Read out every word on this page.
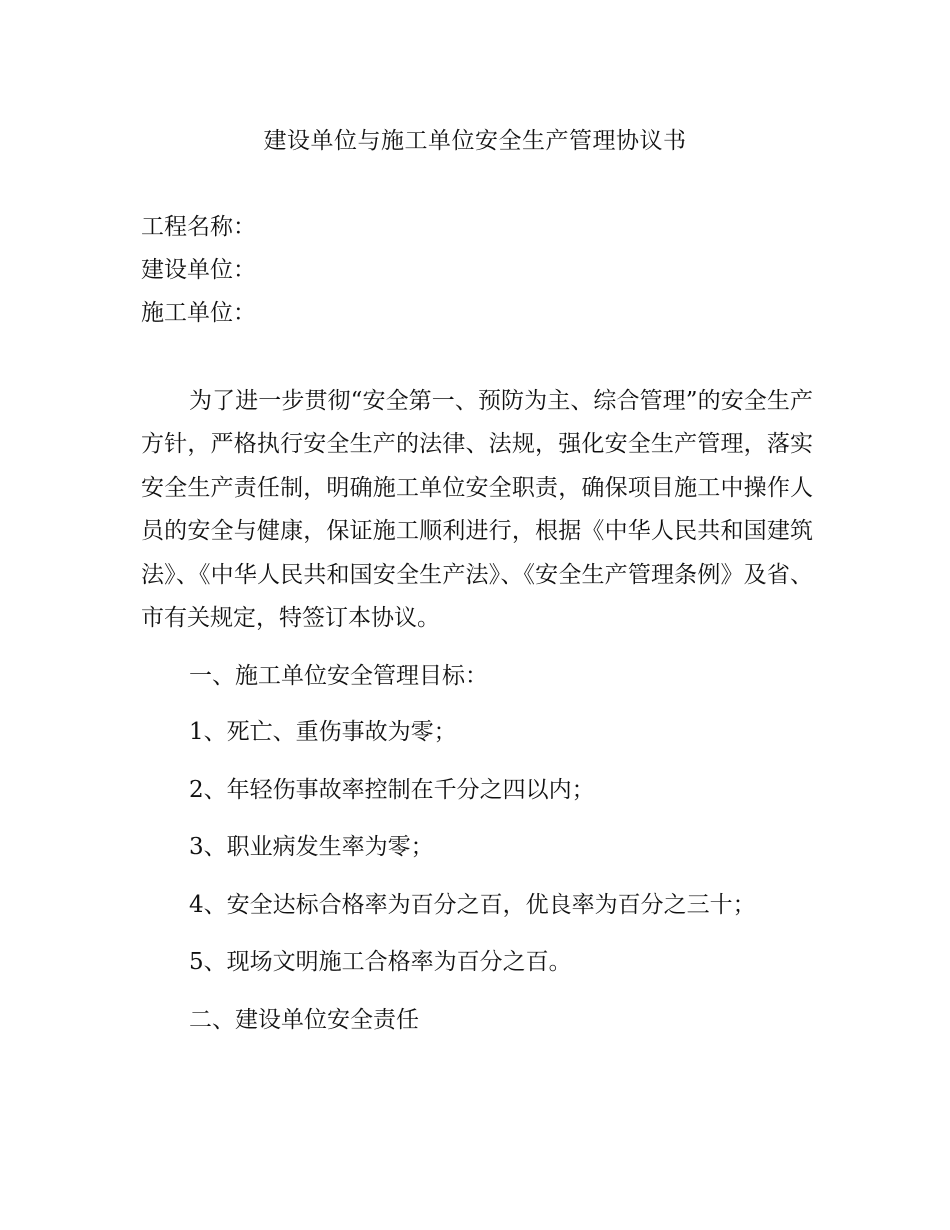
建设单位与施工单位安全生产管理协议书
工程名称：
建设单位：
施工单位：

为了进一步贯彻“安全第一、预防为主、综合管理”的安全生产方针，严格执行安全生产的法律、法规，强化安全生产管理，落实安全生产责任制，明确施工单位安全职责，确保项目施工中操作人员的安全与健康，保证施工顺利进行，根据《中华人民共和国建筑法》、《中华人民共和国安全生产法》、《安全生产管理条例》及省、市有关规定，特签订本协议。

一、施工单位安全管理目标：
1、死亡、重伤事故为零；
2、年轻伤事故率控制在千分之四以内；
3、职业病发生率为零；
4、安全达标合格率为百分之百，优良率为百分之三十；
5、现场文明施工合格率为百分之百。
二、建设单位安全责任
